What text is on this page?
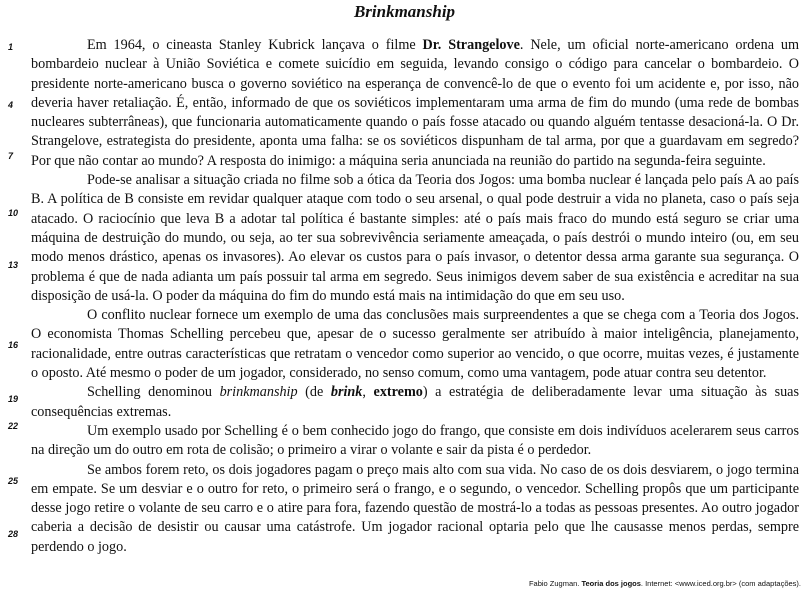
Brinkmanship
1
4
7
10
13
16
19
22
25
28

Em 1964, o cineasta Stanley Kubrick lançava o filme Dr. Strangelove. Nele, um oficial norte-americano ordena um bombardeio nuclear à União Soviética e comete suicídio em seguida, levando consigo o código para cancelar o bombardeio. O presidente norte-americano busca o governo soviético na esperança de convencê-lo de que o evento foi um acidente e, por isso, não deveria haver retaliação. É, então, informado de que os soviéticos implementaram uma arma de fim do mundo (uma rede de bombas nucleares subterrâneas), que funcionaria automaticamente quando o país fosse atacado ou quando alguém tentasse desacioná-la. O Dr. Strangelove, estrategista do presidente, aponta uma falha: se os soviéticos dispunham de tal arma, por que a guardavam em segredo? Por que não contar ao mundo? A resposta do inimigo: a máquina seria anunciada na reunião do partido na segunda-feira seguinte.

Pode-se analisar a situação criada no filme sob a ótica da Teoria dos Jogos: uma bomba nuclear é lançada pelo país A ao país B. A política de B consiste em revidar qualquer ataque com todo o seu arsenal, o qual pode destruir a vida no planeta, caso o país seja atacado. O raciocínio que leva B a adotar tal política é bastante simples: até o país mais fraco do mundo está seguro se criar uma máquina de destruição do mundo, ou seja, ao ter sua sobrevivência seriamente ameaçada, o país destrói o mundo inteiro (ou, em seu modo menos drástico, apenas os invasores). Ao elevar os custos para o país invasor, o detentor dessa arma garante sua segurança. O problema é que de nada adianta um país possuir tal arma em segredo. Seus inimigos devem saber de sua existência e acreditar na sua disposição de usá-la. O poder da máquina do fim do mundo está mais na intimidação do que em seu uso.

O conflito nuclear fornece um exemplo de uma das conclusões mais surpreendentes a que se chega com a Teoria dos Jogos. O economista Thomas Schelling percebeu que, apesar de o sucesso geralmente ser atribuído à maior inteligência, planejamento, racionalidade, entre outras características que retratam o vencedor como superior ao vencido, o que ocorre, muitas vezes, é justamente o oposto. Até mesmo o poder de um jogador, considerado, no senso comum, como uma vantagem, pode atuar contra seu detentor.

Schelling denominou brinkmanship (de brink, extremo) a estratégia de deliberadamente levar uma situação às suas consequências extremas.

Um exemplo usado por Schelling é o bem conhecido jogo do frango, que consiste em dois indivíduos acelerarem seus carros na direção um do outro em rota de colisão; o primeiro a virar o volante e sair da pista é o perdedor.

Se ambos forem reto, os dois jogadores pagam o preço mais alto com sua vida. No caso de os dois desviarem, o jogo termina em empate. Se um desviar e o outro for reto, o primeiro será o frango, e o segundo, o vencedor. Schelling propôs que um participante desse jogo retire o volante de seu carro e o atire para fora, fazendo questão de mostrá-lo a todas as pessoas presentes. Ao outro jogador caberia a decisão de desistir ou causar uma catástrofe. Um jogador racional optaria pelo que lhe causasse menos perdas, sempre perdendo o jogo.

Fabio Zugman. Teoria dos jogos. Internet: <www.iced.org.br> (com adaptações).
